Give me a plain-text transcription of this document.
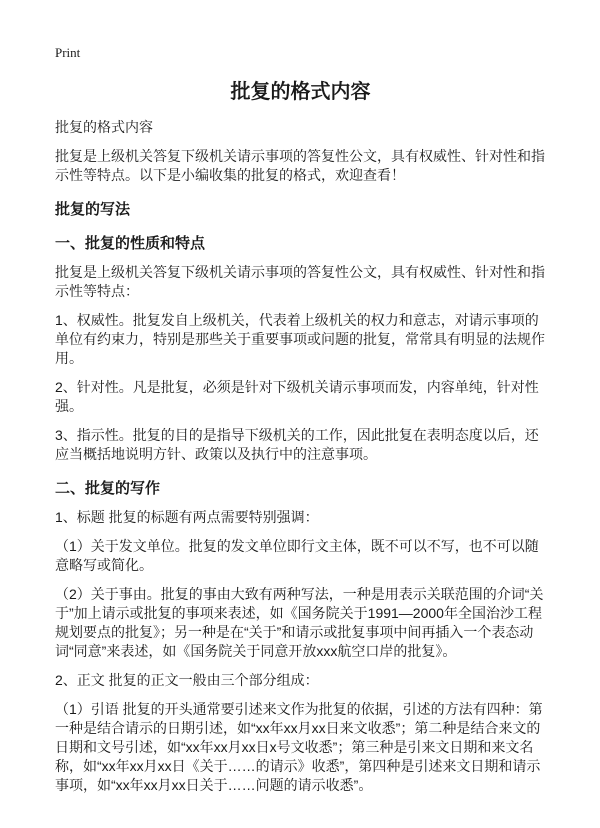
Print
批复的格式内容

批复的格式内容

批复是上级机关答复下级机关请示事项的答复性公文，具有权威性、针对性和指示性等特点。以下是小编收集的批复的格式，欢迎查看！

批复的写法
一、批复的性质和特点

批复是上级机关答复下级机关请示事项的答复性公文，具有权威性、针对性和指示性等特点：

1、权威性。批复发自上级机关，代表着上级机关的权力和意志，对请示事项的单位有约束力，特别是那些关于重要事项或问题的批复，常常具有明显的法规作用。

2、针对性。凡是批复，必须是针对下级机关请示事项而发，内容单纯，针对性强。

3、指示性。批复的目的是指导下级机关的工作，因此批复在表明态度以后，还应当概括地说明方针、政策以及执行中的注意事项。

二、批复的写作

1、标题 批复的标题有两点需要特别强调：

（1）关于发文单位。批复的发文单位即行文主体，既不可以不写，也不可以随意略写或简化。

（2）关于事由。批复的事由大致有两种写法，一种是用表示关联范围的介词“关于”加上请示或批复的事项来表述，如《国务院关于1991—2000年全国治沙工程规划要点的批复》；另一种是在“关于”和请示或批复事项中间再插入一个表态动词“同意”来表述，如《国务院关于同意开放xxx航空口岸的批复》。

2、正文 批复的正文一般由三个部分组成：

（1）引语 批复的开头通常要引述来文作为批复的依据，引述的方法有四种：第一种是结合请示的日期引述，如“xx年xx月xx日来文收悉”；第二种是结合来文的日期和文号引述，如“xx年xx月xx日x号文收悉”；第三种是引来文日期和来文名称，如“xx年xx月xx日《关于……的请示》收悉”，第四种是引述来文日期和请示事项，如“xx年xx月xx日关于……问题的请示收悉”。
